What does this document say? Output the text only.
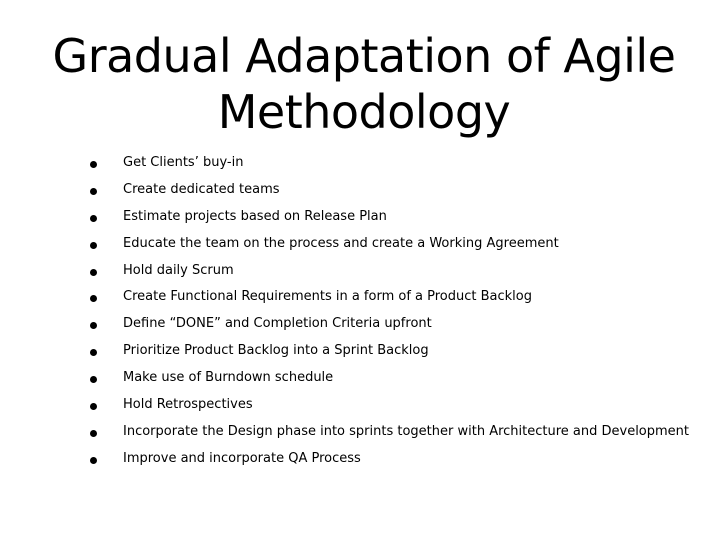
Gradual Adaptation of Agile
Methodology
Get Clients’ buy-in
Create dedicated teams
Estimate projects based on Release Plan
Educate the team on the process and create a Working Agreement
Hold daily Scrum
Create Functional Requirements in a form of a Product Backlog
Define “DONE” and Completion Criteria upfront
Prioritize Product Backlog into a Sprint Backlog
Make use of Burndown schedule
Hold Retrospectives
Incorporate the Design phase into sprints together with Architecture and Development
Improve and incorporate QA Process
